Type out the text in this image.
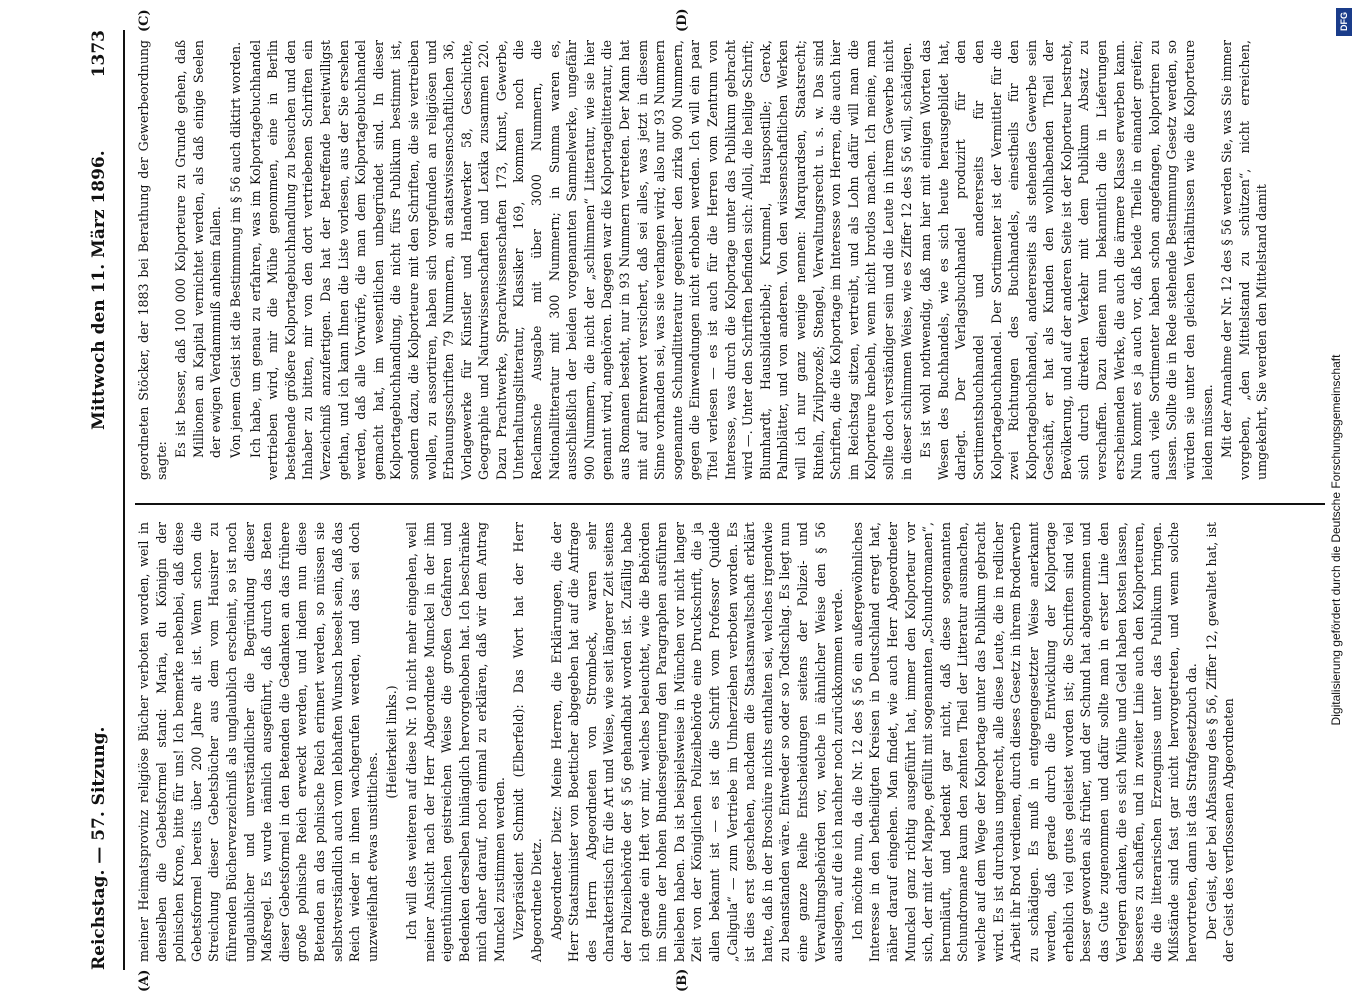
Reichstag. — 57. Sitzung.
Mittwoch den 11. März 1896.
1373
(A)	(B)
(C)	(D)

meiner Heimatsprovinz religiöse Bücher verboten worden, weil in denselben die Gebetsformel stand: Maria, du Königin der polnischen Krone, bitte für uns! Ich bemerke nebenbei, daß diese Gebetsformel bereits über 200 Jahre alt ist. Wenn schon die Streichung dieser Gebetsbücher aus dem vom Hausirer zu führenden Bücherverzeichniß als unglaublich erscheint, so ist noch unglaublicher und unverständlicher die Begründung dieser Maßregel. Es wurde nämlich ausgeführt, daß durch das Beten dieser Gebetsformel in den Betenden die Gedanken an das frühere große polnische Reich erweckt werden, und indem nun diese Betenden an das polnische Reich erinnert werden, so müssen sie selbstverständlich auch vom lebhaften Wunsch beseelt sein, daß das Reich wieder in ihnen wachgerufen werden, und das sei doch unzweifelhaft etwas unsittliches.

(Heiterkeit links.) Ich will des weiteren auf diese Nr. 10 nicht mehr eingehen, weil meiner Ansicht nach der Herr Abgeordnete Munckel in der ihm eigenthümlichen geistreichen Weise die großen Gefahren und Bedenken derselben hinlänglich hervorgehoben hat. Ich beschränke mich daher darauf, noch einmal zu erklären, daß wir dem Antrag Munckel zustimmen werden. Vizepräsident Schmidt (Elberfeld): Das Wort hat der Herr Abgeordnete Dietz. Abgeordneter Dietz: Meine Herren, die Erklärungen, die der Herr Staatsminister von Boetticher abgegeben hat auf die Anfrage des Herrn Abgeordneten von Strombeck, waren sehr charakteristisch für die Art und Weise, wie seit längerer Zeit seitens der Polizeibehörde der § 56 gehandhabt worden ist. Zufällig habe ich gerade ein Heft vor mir, welches beleuchtet, wie die Behörden im Sinne der hohen Bundesregierung den Paragraphen ausführen belieben haben. Da ist beispielsweise in München vor nicht langer Zeit von der Königlichen Polizeibehörde eine Druckschrift, die ja allen bekannt ist — es ist die Schrift vom Professor Quidde „Caligula“ — zum Vertriebe im Umherziehen verboten worden. Es ist dies erst geschehen, nachdem die Staatsanwaltschaft erklärt hatte, daß in der Broschüre nichts enthalten sei, welches irgendwie zu beanstanden wäre. Entweder so oder so Todtschlag. Es liegt nun eine ganze Reihe Entscheidungen seitens der Polizei- und Verwaltungsbehörden vor, welche in ähnlicher Weise den § 56 auslegen, auf die ich nachher noch zurückkommen werde. Ich möchte nun, da die Nr. 12 des § 56 ein außergewöhnliches Interesse in den betheiligten Kreisen in Deutschland erregt hat, näher darauf eingehen. Man findet, wie auch Herr Abgeordneter Munckel ganz richtig ausgeführt hat, immer den Kolporteur vor sich, der mit der Mappe, gefüllt mit sogenannten „Schundromanen“, herumläuft, und bedenkt gar nicht, daß diese sogenannten Schundromane kaum den zehnten Theil der Litteratur ausmachen, welche auf dem Wege der Kolportage unter das Publikum gebracht wird. Es ist durchaus ungerecht, alle diese Leute, die in redlicher Arbeit ihr Brod verdienen, durch dieses Gesetz in ihrem Broderwerb zu schädigen. Es muß in entgegengesetzter Weise anerkannt werden, daß gerade durch die Entwicklung der Kolportage erheblich viel gutes geleistet worden ist; die Schriften sind viel besser geworden als früher, und der Schund hat abgenommen und das Gute zugenommen und dafür sollte man in erster Linie den Verlegern danken, die es sich Mühe und Geld haben kosten lassen, besseres zu schaffen, und in zweiter Linie auch den Kolporteuren, die die litterarischen Erzeugnisse unter das Publikum bringen. Mißstände sind fast gar nicht hervorgetreten, und wenn solche hervortreten, dann ist das Strafgesetzbuch da. Der Geist, der bei Abfassung des § 56, Ziffer 12, gewaltet hat, ist der Geist des verflossenen Abgeordneten

geordneten Stöcker, der 1883 bei Berathung der Gewerbeordnung sagte:

Es ist besser, daß 100 000 Kolporteure zu Grunde gehen, daß Millionen an Kapital vernichtet werden, als daß einige Seelen der ewigen Verdammniß anheim fallen. Von jenem Geist ist die Bestimmung im § 56 auch diktirt worden. Ich habe, um genau zu erfahren, was im Kolportagebuchhandel vertrieben wird, mir die Mühe genommen, eine in Berlin bestehende größere Kolportagebuchhandlung zu besuchen und den Inhaber zu bitten, mir von den dort vertriebenen Schriften ein Verzeichniß anzufertigen. Das hat der Betreffende bereitwilligst gethan, und ich kann Ihnen die Liste vorlesen, aus der Sie ersehen werden, daß alle Vorwürfe, die man dem Kolportagebuchhandel gemacht hat, im wesentlichen unbegründet sind. In dieser Kolportagebuchhandlung, die nicht fürs Publikum bestimmt ist, sondern dazu, die Kolporteure mit den Schriften, die sie vertreiben wollen, zu assortiren, haben sich vorgefunden an religiösen und Erbauungsschriften 79 Nummern, an staatswissenschaftlichen 36, Vorlagewerke für Künstler und Handwerker 58, Geschichte, Geographie und Naturwissenschaften und Lexika zusammen 220. Dazu Prachtwerke, Sprachwissenschaften 173, Kunst, Gewerbe, Unterhaltungslitteratur, Klassiker 169, kommen noch die Reclamsche Ausgabe mit über 3000 Nummern, die Nationallitteratur mit 300 Nummern; in Summa waren es, ausschließlich der beiden vorgenannten Sammelwerke, ungefähr 900 Nummern, die nicht der „schlimmen“ Litteratur, wie sie hier genannt wird, angehören. Dagegen war die Kolportagelitteratur, die aus Romanen besteht, nur in 93 Nummern vertreten. Der Mann hat mit auf Ehrenwort versichert, daß sei alles, was jetzt in diesem Sinne vorhanden sei, was sie verlangen wird; also nur 93 Nummern sogenannte Schundlitteratur gegenüber den zirka 900 Nummern, gegen die Einwendungen nicht erhoben werden. Ich will ein paar Titel verlesen — es ist auch für die Herren vom Zentrum von Interesse, was durch die Kolportage unter das Publikum gebracht wird —. Unter den Schriften befinden sich: Alloli, die heilige Schrift; Blumhardt, Hausbilderbibel; Krummel, Hauspostille; Gerok, Palmblätter, und von anderen. Von den wissenschaftlichen Werken will ich nur ganz wenige nennen: Marquardsen, Staatsrecht; Rinteln, Zivilprozeß; Stengel, Verwaltungsrecht u. s. w. Das sind Schriften, die die Kolportage im Interesse von Herren, die auch hier im Reichstag sitzen, vertreibt, und als Lohn dafür will man die Kolporteure knebeln, wenn nicht brotlos machen. Ich meine, man sollte doch verständiger sein und die Leute in ihrem Gewerbe nicht in dieser schlimmen Weise, wie es Ziffer 12 des § 56 will, schädigen. Es ist wohl nothwendig, daß man hier mit einigen Worten das Wesen des Buchhandels, wie es sich heute herausgebildet hat, darlegt. Der Verlagsbuchhandel produzirt für den Sortimentsbuchhandel und andererseits für den Kolportagebuchhandel. Der Sortimenter ist der Vermittler für die zwei Richtungen des Buchhandels, einestheils für den Kolportagebuchhandel, andererseits als stehendes Gewerbe sein Geschäft, er hat als Kunden den wohlhabenden Theil der Bevölkerung, und auf der anderen Seite ist der Kolporteur bestrebt, sich durch direkten Verkehr mit dem Publikum Absatz zu verschaffen. Dazu dienen nun bekanntlich die in Lieferungen erscheinenden Werke, die auch die ärmere Klasse erwerben kann. Nun kommt es ja auch vor, daß beide Theile in einander greifen; auch viele Sortimenter haben schon angefangen, kolportiren zu lassen. Sollte die in Rede stehende Bestimmung Gesetz werden, so würden sie unter den gleichen Verhältnissen wie die Kolporteure leiden müssen. Mit der Annahme der Nr. 12 des § 56 werden Sie, was Sie immer vorgeben, „den Mittelstand zu schützen“, nicht erreichen, umgekehrt, Sie werden den Mittelstand damit

DFG
Digitalisierung gefördert durch die Deutsche Forschungsgemeinschaft
